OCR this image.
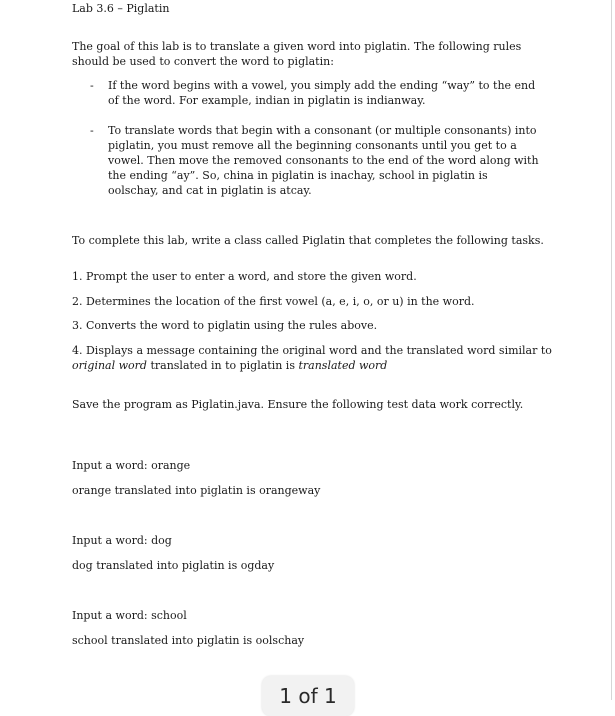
Lab 3.6 – Piglatin

The goal of this lab is to translate a given word into piglatin. The following rules should be used to convert the word to piglatin:

- If the word begins with a vowel, you simply add the ending “way” to the end of the word. For example, indian in piglatin is indianway.
- To translate words that begin with a consonant (or multiple consonants) into piglatin, you must remove all the beginning consonants until you get to a vowel. Then move the removed consonants to the end of the word along with the ending “ay”. So, china in piglatin is inachay, school in piglatin is oolschay, and cat in piglatin is atcay.

To complete this lab, write a class called Piglatin that completes the following tasks.

1. Prompt the user to enter a word, and store the given word.

2. Determines the location of the first vowel (a, e, i, o, or u) in the word.

3. Converts the word to piglatin using the rules above.

4. Displays a message containing the original word and the translated word similar to
original word translated in to piglatin is translated word

Save the program as Piglatin.java. Ensure the following test data work correctly.

Input a word: orange

orange translated into piglatin is orangeway

Input a word: dog

dog translated into piglatin is ogday

Input a word: school

school translated into piglatin is oolschay

1 of 1
